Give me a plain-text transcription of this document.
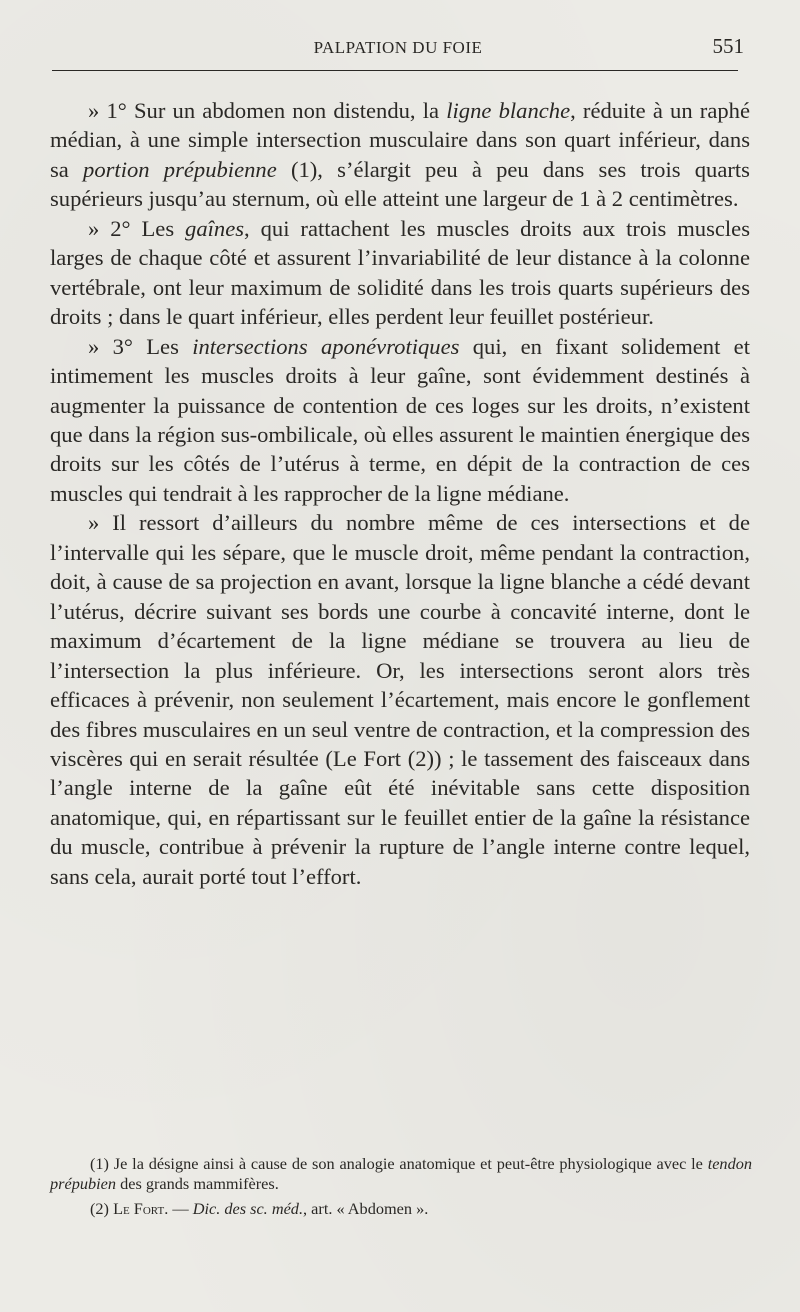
PALPATION DU FOIE	551

» 1° Sur un abdomen non distendu, la ligne blanche, réduite à un raphé médian, à une simple intersection musculaire dans son quart inférieur, dans sa portion prépubienne (1), s’élargit peu à peu dans ses trois quarts supérieurs jusqu’au sternum, où elle atteint une largeur de 1 à 2 centimètres.

» 2° Les gaînes, qui rattachent les muscles droits aux trois muscles larges de chaque côté et assurent l’invariabilité de leur distance à la colonne vertébrale, ont leur maximum de solidité dans les trois quarts supérieurs des droits ; dans le quart inférieur, elles perdent leur feuillet postérieur.

» 3° Les intersections aponévrotiques qui, en fixant solidement et intimement les muscles droits à leur gaîne, sont évidemment destinés à augmenter la puissance de contention de ces loges sur les droits, n’existent que dans la région sus-ombilicale, où elles assurent le maintien énergique des droits sur les côtés de l’utérus à terme, en dépit de la contraction de ces muscles qui tendrait à les rapprocher de la ligne médiane.

» Il ressort d’ailleurs du nombre même de ces intersections et de l’intervalle qui les sépare, que le muscle droit, même pendant la contraction, doit, à cause de sa projection en avant, lorsque la ligne blanche a cédé devant l’utérus, décrire suivant ses bords une courbe à concavité interne, dont le maximum d’écartement de la ligne médiane se trouvera au lieu de l’intersection la plus inférieure. Or, les intersections seront alors très efficaces à prévenir, non seulement l’écartement, mais encore le gonflement des fibres musculaires en un seul ventre de contraction, et la compression des viscères qui en serait résultée (Le Fort (2)) ; le tassement des faisceaux dans l’angle interne de la gaîne eût été inévitable sans cette disposition anatomique, qui, en répartissant sur le feuillet entier de la gaîne la résistance du muscle, contribue à prévenir la rupture de l’angle interne contre lequel, sans cela, aurait porté tout l’effort.

(1) Je la désigne ainsi à cause de son analogie anatomique et peut-être physiologique avec le tendon prépubien des grands mammifères.

(2) Le Fort. — Dic. des sc. méd., art. « Abdomen ».
